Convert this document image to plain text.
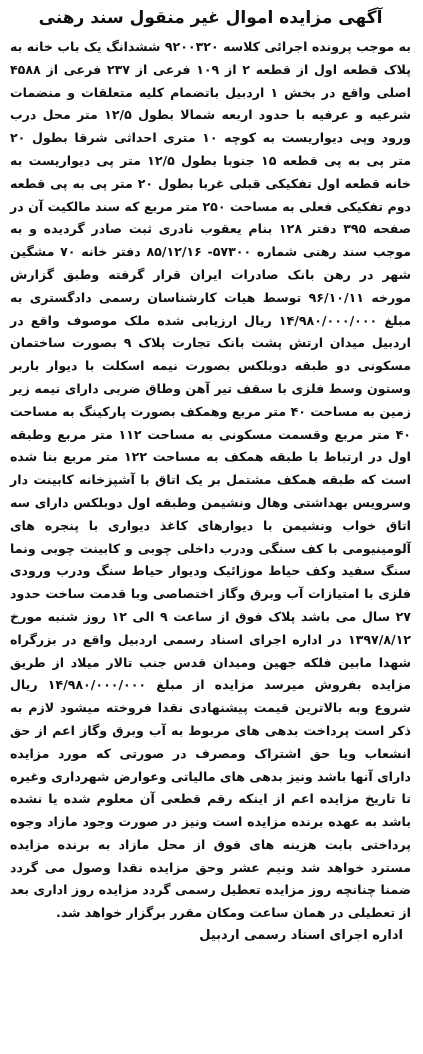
آگهی مزایده اموال غیر منقول سند رهنی

به موجب پرونده اجرائی کلاسه ۹۲۰۰۳۲۰ ششدانگ یک باب خانه به پلاک قطعه اول از قطعه ۲ از ۱۰۹ فرعی از ۲۳۷ فرعی از ۴۵۸۸ اصلی واقع در بخش ۱ اردبیل باتضمام کلیه متعلقات و منضمات شرعیه و عرفیه با حدود اربعه شمالا بطول ۱۲/۵ متر محل درب ورود وپی دیواریست به کوچه ۱۰ متری احداثی شرقا بطول ۲۰ متر پی به پی قطعه ۱۵ جنوبا بطول ۱۲/۵ متر پی دیواریست به خانه قطعه اول تفکیکی قبلی غربا بطول ۲۰ متر پی به پی قطعه دوم تفکیکی فعلی به مساحت ۲۵۰ متر مربع که سند مالکیت آن در صفحه ۳۹۵ دفتر ۱۲۸ بنام یعقوب نادری ثبت صادر گردیده و به موجب سند رهنی شماره ۵۷۳۰۰- ۸۵/۱۲/۱۶ دفتر خانه ۷۰ مشگین شهر در رهن بانک صادرات ایران قرار گرفته وطبق گزارش مورخه ۹۶/۱۰/۱۱ توسط هیات کارشناسان رسمی دادگستری به مبلغ ۱۴/۹۸۰/۰۰۰/۰۰۰ ریال ارزیابی شده ملک موصوف واقع در اردبیل میدان ارتش پشت بانک تجارت پلاک ۹ بصورت ساختمان مسکونی دو طبقه دوبلکس بصورت نیمه اسکلت با دیوار باربر وستون وسط فلزی با سقف تیر آهن وطاق ضربی دارای نیمه زیر زمین به مساحت ۴۰ متر مربع وهمکف بصورت پارکینگ به مساحت ۴۰ متر مربع وقسمت مسکونی به مساحت ۱۱۲ متر مربع وطبقه اول در ارتباط با طبقه همکف به مساحت ۱۲۲ متر مربع بنا شده است که طبقه همکف مشتمل بر یک اتاق با آشپزخانه کابینت دار وسرویس بهداشتی وهال ونشیمن وطبقه اول دوبلکس دارای سه اتاق خواب ونشیمن با دیوارهای کاغذ دیواری با پنجره های آلومینیومی با کف سنگی ودرب داخلی چوبی و کابینت چوبی ونما سنگ سفید وکف حیاط موزائیک ودیوار حیاط سنگ ودرب ورودی فلزی با امتیازات آب وبرق وگاز اختصاصی وبا قدمت ساخت حدود ۲۷ سال می باشد پلاک فوق از ساعت ۹ الی ۱۲ روز شنبه مورخ ۱۳۹۷/۸/۱۲ در اداره اجرای اسناد رسمی اردبیل واقع در بزرگراه شهدا مابین فلکه جهین ومیدان قدس جنب تالار میلاد از طریق مزایده بفروش میرسد مزایده از مبلغ ۱۴/۹۸۰/۰۰۰/۰۰۰ ریال شروع وبه بالاترین قیمت پیشنهادی نقدا فروخته میشود لازم به ذکر است پرداخت بدهی های مربوط به آب وبرق وگاز اعم از حق انشعاب ویا حق اشتراک ومصرف در صورتی که مورد مزایده دارای آنها باشد ونیز بدهی های مالیاتی وعوارض شهرداری وغیره تا تاریخ مزایده اعم از اینکه رقم قطعی آن معلوم شده یا نشده باشد به عهده برنده مزایده است ونیز در صورت وجود مازاد وجوه پرداختی بابت هزینه های فوق از محل مازاد به برنده مزایده مسترد خواهد شد ونیم عشر وحق مزایده نقدا وصول می گردد ضمنا چنانچه روز مزایده تعطیل رسمی گردد مزایده روز اداری بعد از تعطیلی در همان ساعت ومکان مقرر برگزار خواهد شد.

اداره اجرای اسناد رسمی اردبیل
